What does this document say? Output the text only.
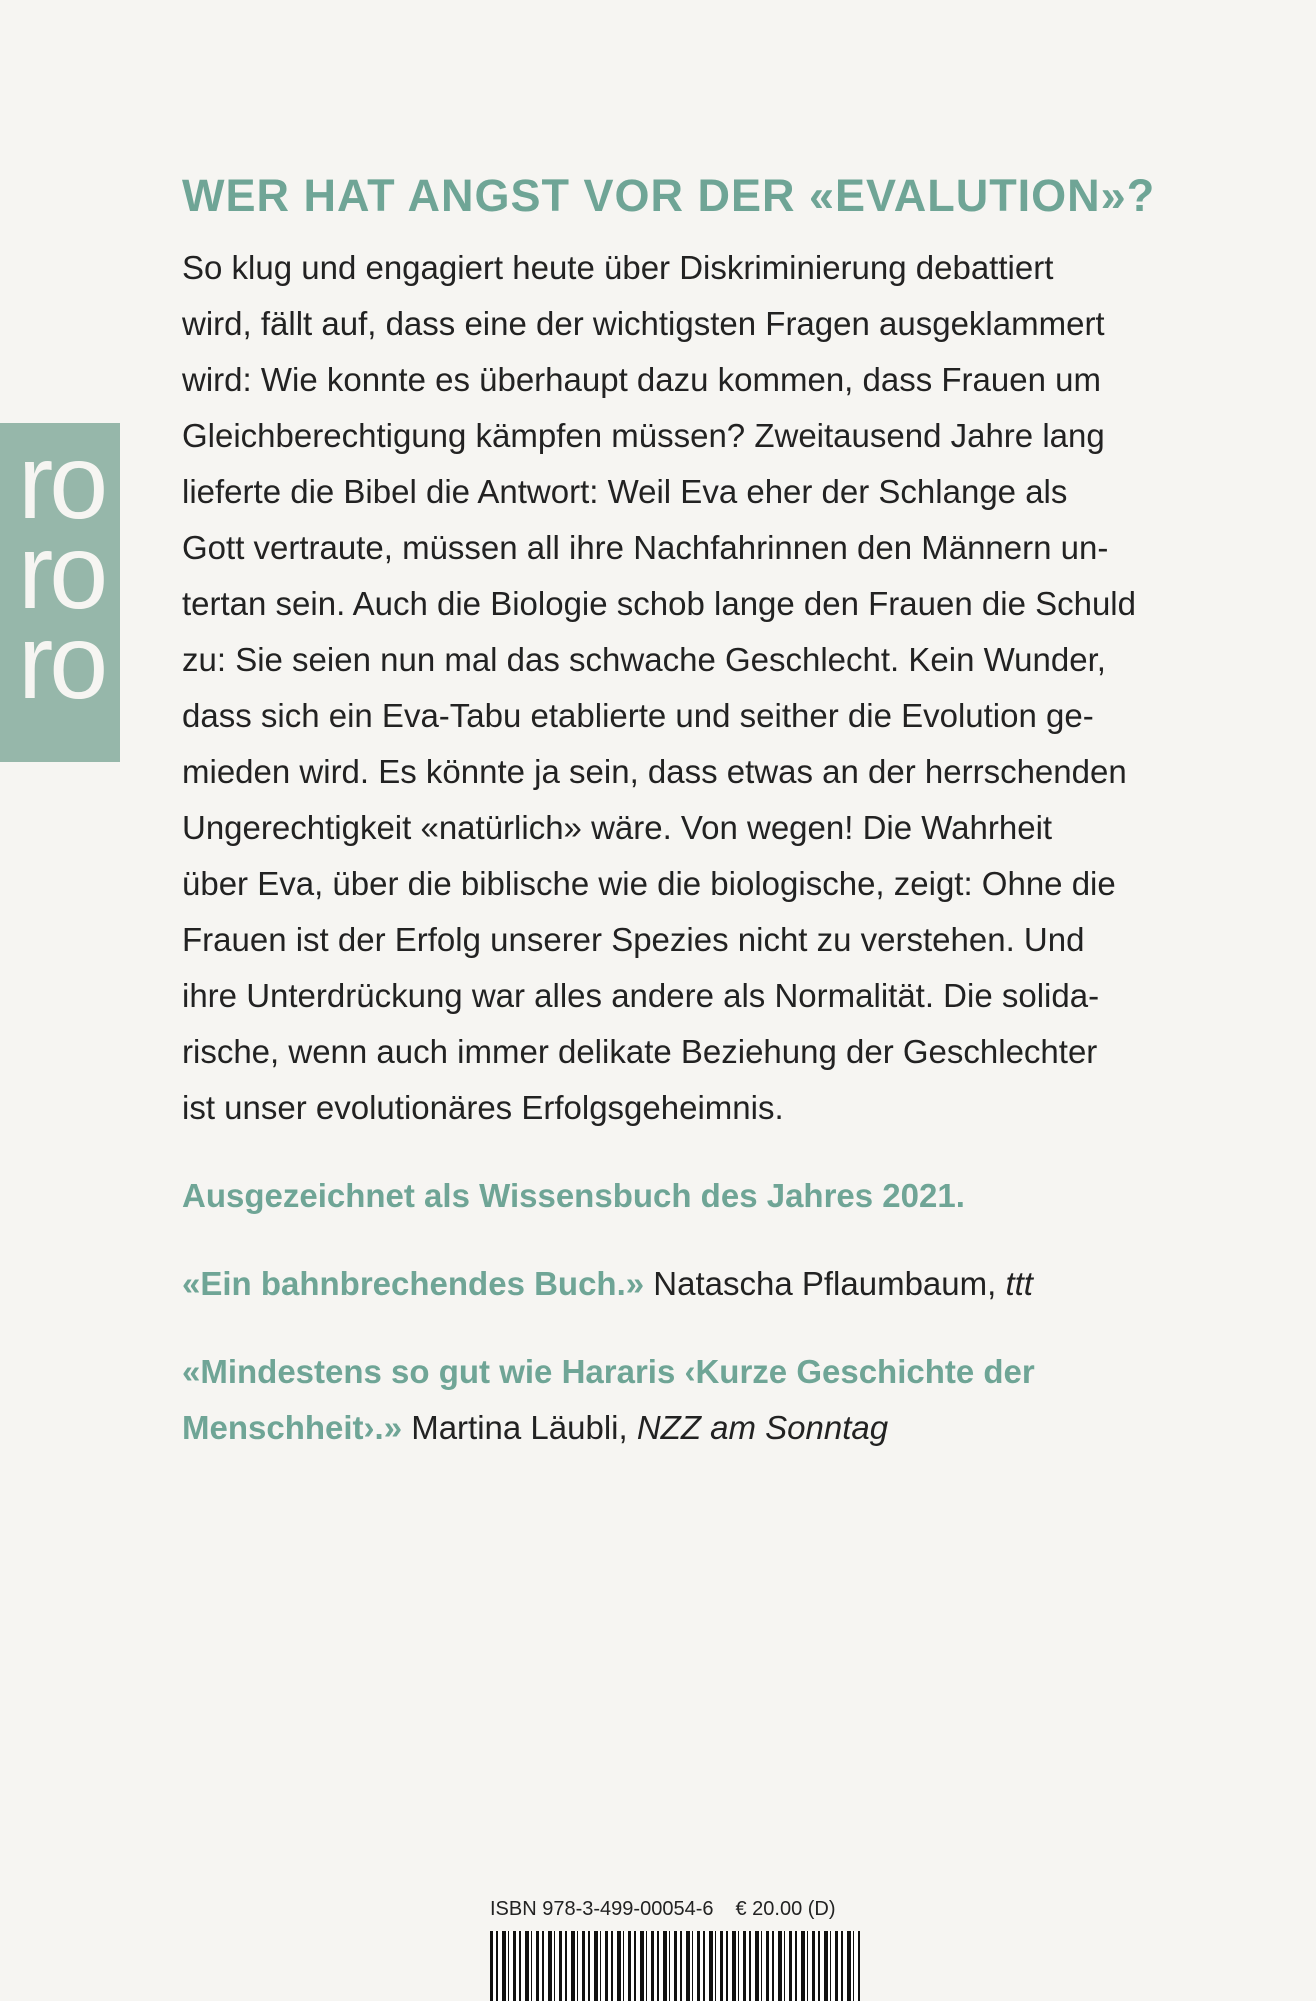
ro
ro
ro
WER HAT ANGST VOR DER «EVALUTION»?

So klug und engagiert heute über Diskriminierung debattiert
wird, fällt auf, dass eine der wichtigsten Fragen ausgeklammert
wird: Wie konnte es überhaupt dazu kommen, dass Frauen um
Gleichberechtigung kämpfen müssen? Zweitausend Jahre lang
lieferte die Bibel die Antwort: Weil Eva eher der Schlange als
Gott vertraute, müssen all ihre Nachfahrinnen den Männern un-
tertan sein. Auch die Biologie schob lange den Frauen die Schuld
zu: Sie seien nun mal das schwache Geschlecht. Kein Wunder,
dass sich ein Eva-Tabu etablierte und seither die Evolution ge-
mieden wird. Es könnte ja sein, dass etwas an der herrschenden
Ungerechtigkeit «natürlich» wäre. Von wegen! Die Wahrheit
über Eva, über die biblische wie die biologische, zeigt: Ohne die
Frauen ist der Erfolg unserer Spezies nicht zu verstehen. Und
ihre Unterdrückung war alles andere als Normalität. Die solida-
rische, wenn auch immer delikate Beziehung der Geschlechter
ist unser evolutionäres Erfolgsgeheimnis.

Ausgezeichnet als Wissensbuch des Jahres 2021.
«Ein bahnbrechendes Buch.» Natascha Pflaumbaum, ttt
«Mindestens so gut wie Hararis ‹Kurze Geschichte der
Menschheit›.» Martina Läubli, NZZ am Sonntag
ISBN 978-3-499-00054-6 € 20.00 (D)
